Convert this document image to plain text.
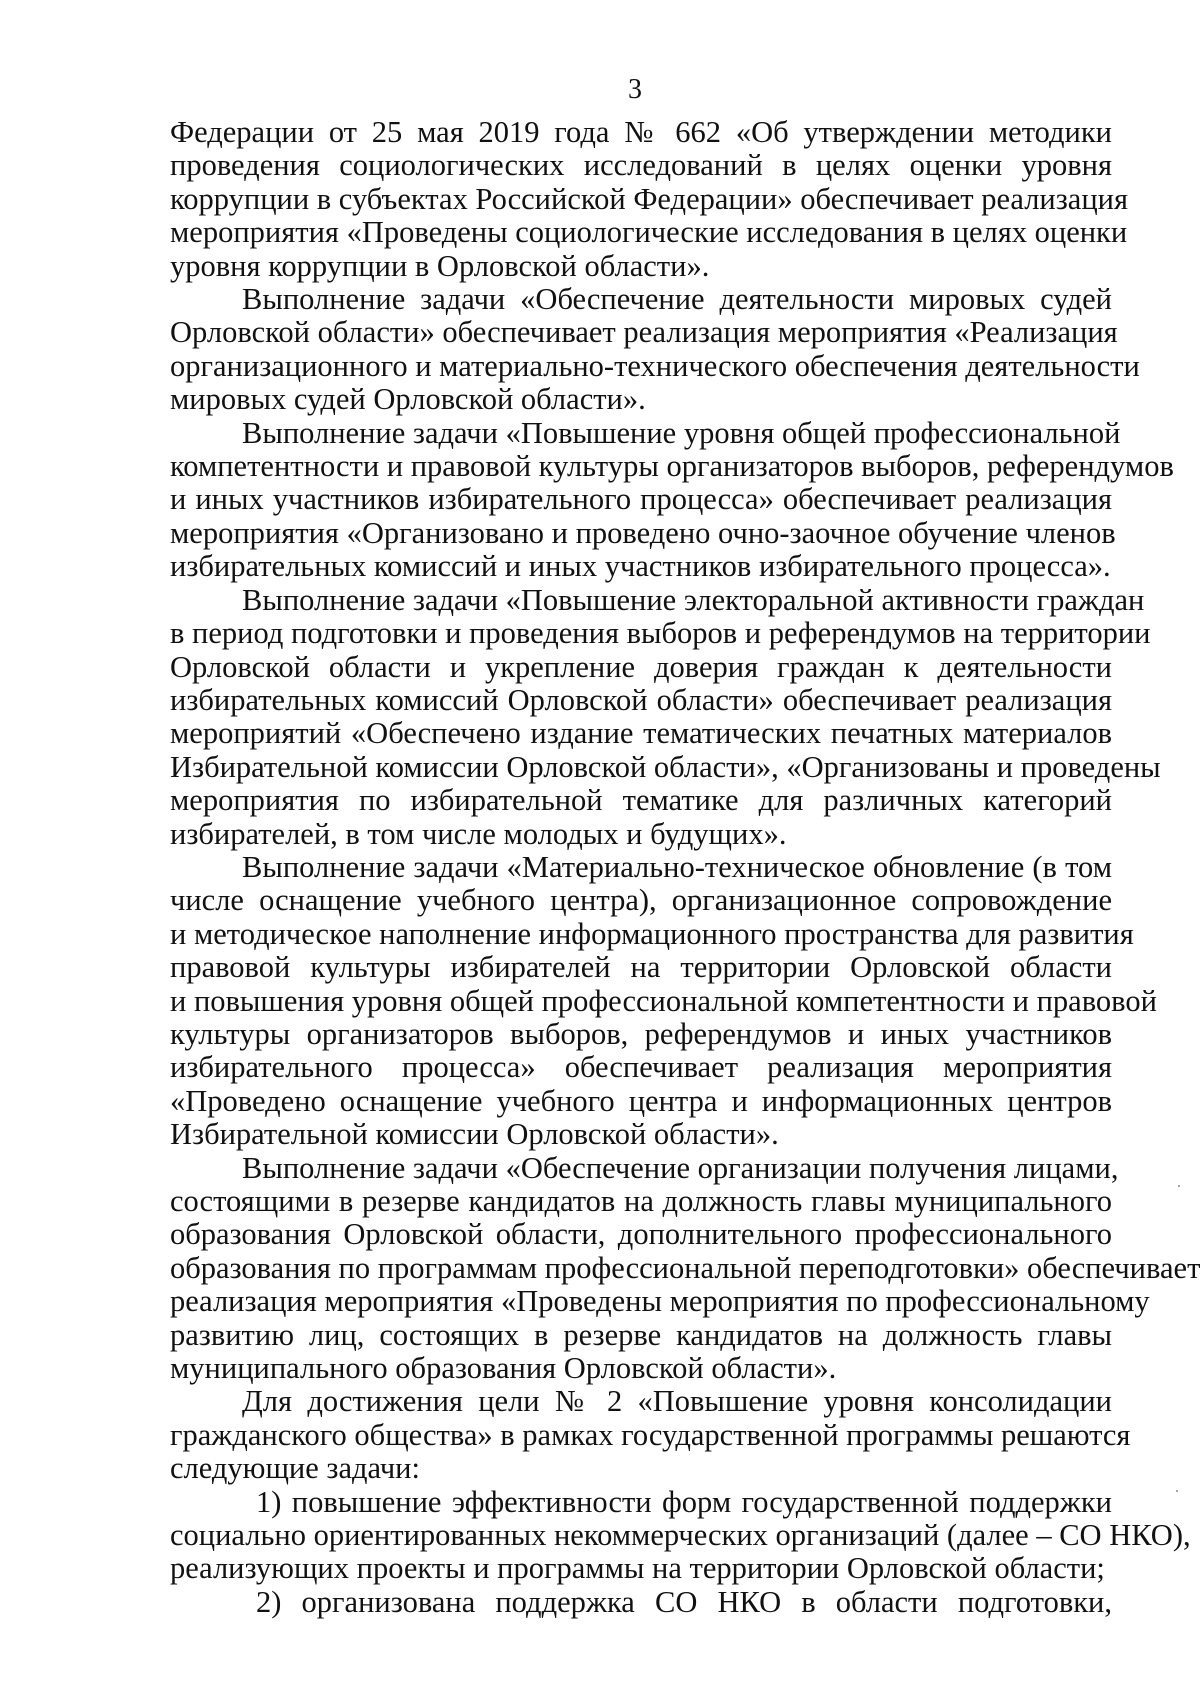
3
Федерации от 25 мая 2019 года № 662 «Об утверждении методики
проведения социологических исследований в целях оценки уровня
коррупции в субъектах Российской Федерации» обеспечивает реализация
мероприятия «Проведены социологические исследования в целях оценки
уровня коррупции в Орловской области».
Выполнение задачи «Обеспечение деятельности мировых судей
Орловской области» обеспечивает реализация мероприятия «Реализация
организационного и материально-технического обеспечения деятельности
мировых судей Орловской области».
Выполнение задачи «Повышение уровня общей профессиональной
компетентности и правовой культуры организаторов выборов, референдумов
и иных участников избирательного процесса» обеспечивает реализация
мероприятия «Организовано и проведено очно-заочное обучение членов
избирательных комиссий и иных участников избирательного процесса».
Выполнение задачи «Повышение электоральной активности граждан
в период подготовки и проведения выборов и референдумов на территории
Орловской области и укрепление доверия граждан к деятельности
избирательных комиссий Орловской области» обеспечивает реализация
мероприятий «Обеспечено издание тематических печатных материалов
Избирательной комиссии Орловской области», «Организованы и проведены
мероприятия по избирательной тематике для различных категорий
избирателей, в том числе молодых и будущих».
Выполнение задачи «Материально-техническое обновление (в том
числе оснащение учебного центра), организационное сопровождение
и методическое наполнение информационного пространства для развития
правовой культуры избирателей на территории Орловской области
и повышения уровня общей профессиональной компетентности и правовой
культуры организаторов выборов, референдумов и иных участников
избирательного процесса» обеспечивает реализация мероприятия
«Проведено оснащение учебного центра и информационных центров
Избирательной комиссии Орловской области».
Выполнение задачи «Обеспечение организации получения лицами,
состоящими в резерве кандидатов на должность главы муниципального
образования Орловской области, дополнительного профессионального
образования по программам профессиональной переподготовки» обеспечивает
реализация мероприятия «Проведены мероприятия по профессиональному
развитию лиц, состоящих в резерве кандидатов на должность главы
муниципального образования Орловской области».
Для достижения цели № 2 «Повышение уровня консолидации
гражданского общества» в рамках государственной программы решаются
следующие задачи:
1) повышение эффективности форм государственной поддержки
социально ориентированных некоммерческих организаций (далее – СО НКО),
реализующих проекты и программы на территории Орловской области;
2) организована поддержка СО НКО в области подготовки,
